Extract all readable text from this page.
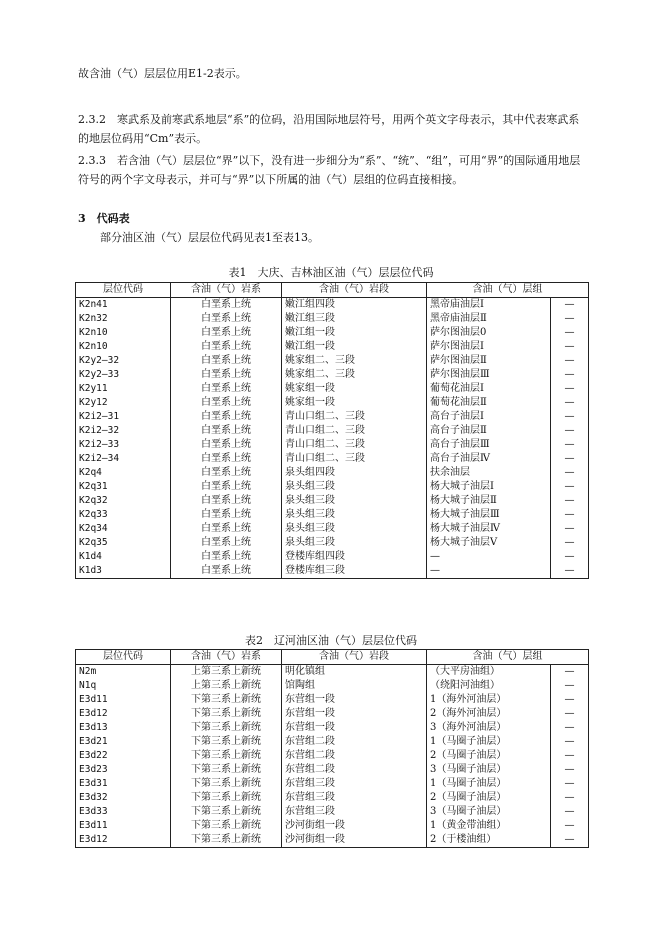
故含油（气）层层位用E1-2表示。

2.3.2　寒武系及前寒武系地层“系”的位码，沿用国际地层符号，用两个英文字母表示，其中代表寒武系的地层位码用“Cm”表示。

2.3.3　若含油（气）层层位“界”以下，没有进一步细分为“系”、“统”、“组”，可用“界”的国际通用地层符号的两个字文母表示，并可与“界”以下所属的油（气）层组的位码直接相接。

3　代码表

部分油区油（气）层层位代码见表1至表13。

表1　大庆、吉林油区油（气）层层位代码

层位代码	含油（气）岩系	含油（气）岩段	含油（气）层组	
K2n41	白垩系上统	嫩江组四段	黑帝庙油层Ⅰ	—
K2n32	白垩系上统	嫩江组三段	黑帝庙油层Ⅱ	—
K2n10	白垩系上统	嫩江组一段	萨尔图油层0	—
K2n10	白垩系上统	嫩江组一段	萨尔图油层Ⅰ	—
K2y2—32	白垩系上统	姚家组二、三段	萨尔图油层Ⅱ	—
K2y2—33	白垩系上统	姚家组二、三段	萨尔图油层Ⅲ	—
K2y11	白垩系上统	姚家组一段	葡萄花油层Ⅰ	—
K2y12	白垩系上统	姚家组一段	葡萄花油层Ⅱ	—
K2i2—31	白垩系上统	青山口组二、三段	高台子油层Ⅰ	—
K2i2—32	白垩系上统	青山口组二、三段	高台子油层Ⅱ	—
K2i2—33	白垩系上统	青山口组二、三段	高台子油层Ⅲ	—
K2i2—34	白垩系上统	青山口组二、三段	高台子油层Ⅳ	—
K2q4	白垩系上统	泉头组四段	扶余油层	—
K2q31	白垩系上统	泉头组三段	杨大城子油层Ⅰ	—
K2q32	白垩系上统	泉头组三段	杨大城子油层Ⅱ	—
K2q33	白垩系上统	泉头组三段	杨大城子油层Ⅲ	—
K2q34	白垩系上统	泉头组三段	杨大城子油层Ⅳ	—
K2q35	白垩系上统	泉头组三段	杨大城子油层Ⅴ	—
K1d4	白垩系上统	登楼库组四段	—	—
K1d3	白垩系上统	登楼库组三段	—	—

表2　辽河油区油（气）层层位代码

层位代码	含油（气）岩系	含油（气）岩段	含油（气）层组	
N2m	上第三系上新统	明化镇组	（大平房油组）	—
N1q	上第三系上新统	馆陶组	（绕阳河油组）	—
E3d11	下第三系上新统	东营组一段	1（海外河油层）	—
E3d12	下第三系上新统	东营组一段	2（海外河油层）	—
E3d13	下第三系上新统	东营组一段	3（海外河油层）	—
E3d21	下第三系上新统	东营组二段	1（马圈子油层）	—
E3d22	下第三系上新统	东营组二段	2（马圈子油层）	—
E3d23	下第三系上新统	东营组二段	3（马圈子油层）	—
E3d31	下第三系上新统	东营组三段	1（马圈子油层）	—
E3d32	下第三系上新统	东营组三段	2（马圈子油层）	—
E3d33	下第三系上新统	东营组三段	3（马圈子油层）	—
E3d11	下第三系上新统	沙河街组一段	1（黄金带油组）	—
E3d12	下第三系上新统	沙河街组一段	2（于楼油组）	—
